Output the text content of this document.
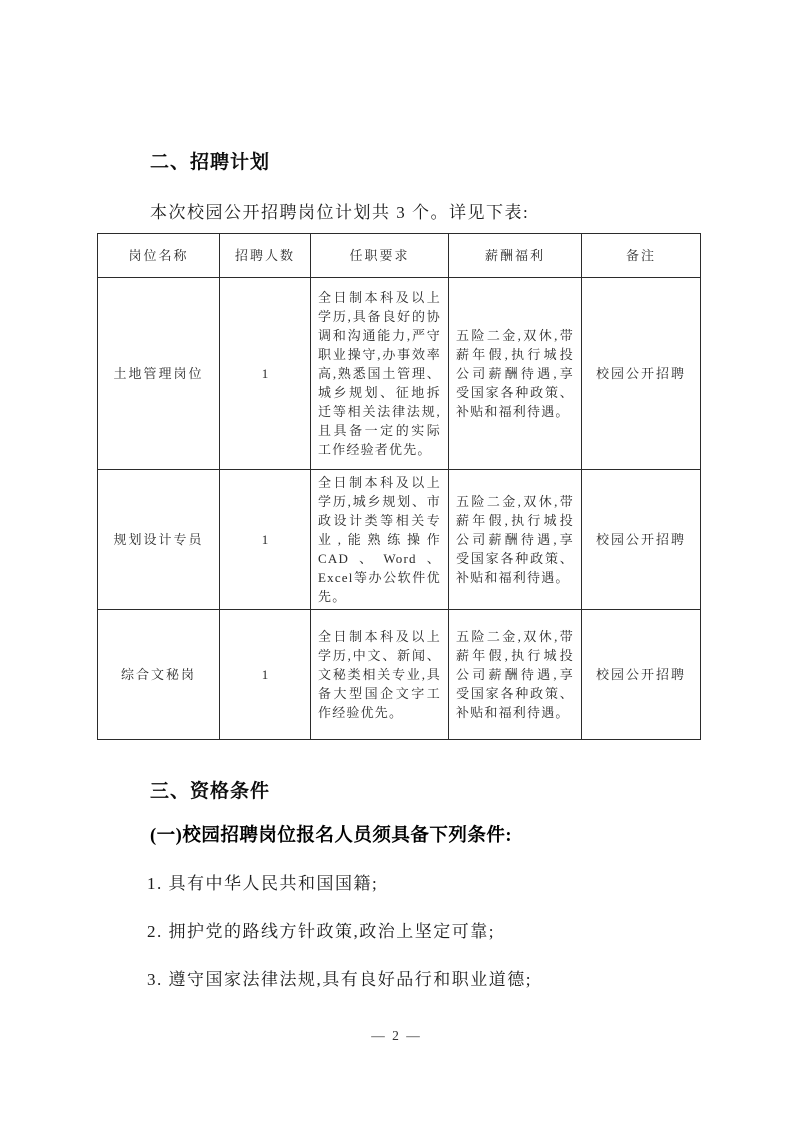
二、招聘计划

本次校园公开招聘岗位计划共 3 个。详见下表:

岗位名称	招聘人数	任职要求	薪酬福利	备注
土地管理岗位	1	全日制本科及以上学历,具备良好的协调和沟通能力,严守职业操守,办事效率高,熟悉国土管理、城乡规划、征地拆迁等相关法律法规,且具备一定的实际工作经验者优先。	五险二金,双休,带薪年假,执行城投公司薪酬待遇,享受国家各种政策、补贴和福利待遇。	校园公开招聘
规划设计专员	1	全日制本科及以上学历,城乡规划、市政设计类等相关专业,能熟练操作CAD、Word、Excel等办公软件优先。	五险二金,双休,带薪年假,执行城投公司薪酬待遇,享受国家各种政策、补贴和福利待遇。	校园公开招聘
综合文秘岗	1	全日制本科及以上学历,中文、新闻、文秘类相关专业,具备大型国企文字工作经验优先。	五险二金,双休,带薪年假,执行城投公司薪酬待遇,享受国家各种政策、补贴和福利待遇。	校园公开招聘
三、资格条件
(一)校园招聘岗位报名人员须具备下列条件:

1. 具有中华人民共和国国籍;

2. 拥护党的路线方针政策,政治上坚定可靠;

3. 遵守国家法律法规,具有良好品行和职业道德;

— 2 —
